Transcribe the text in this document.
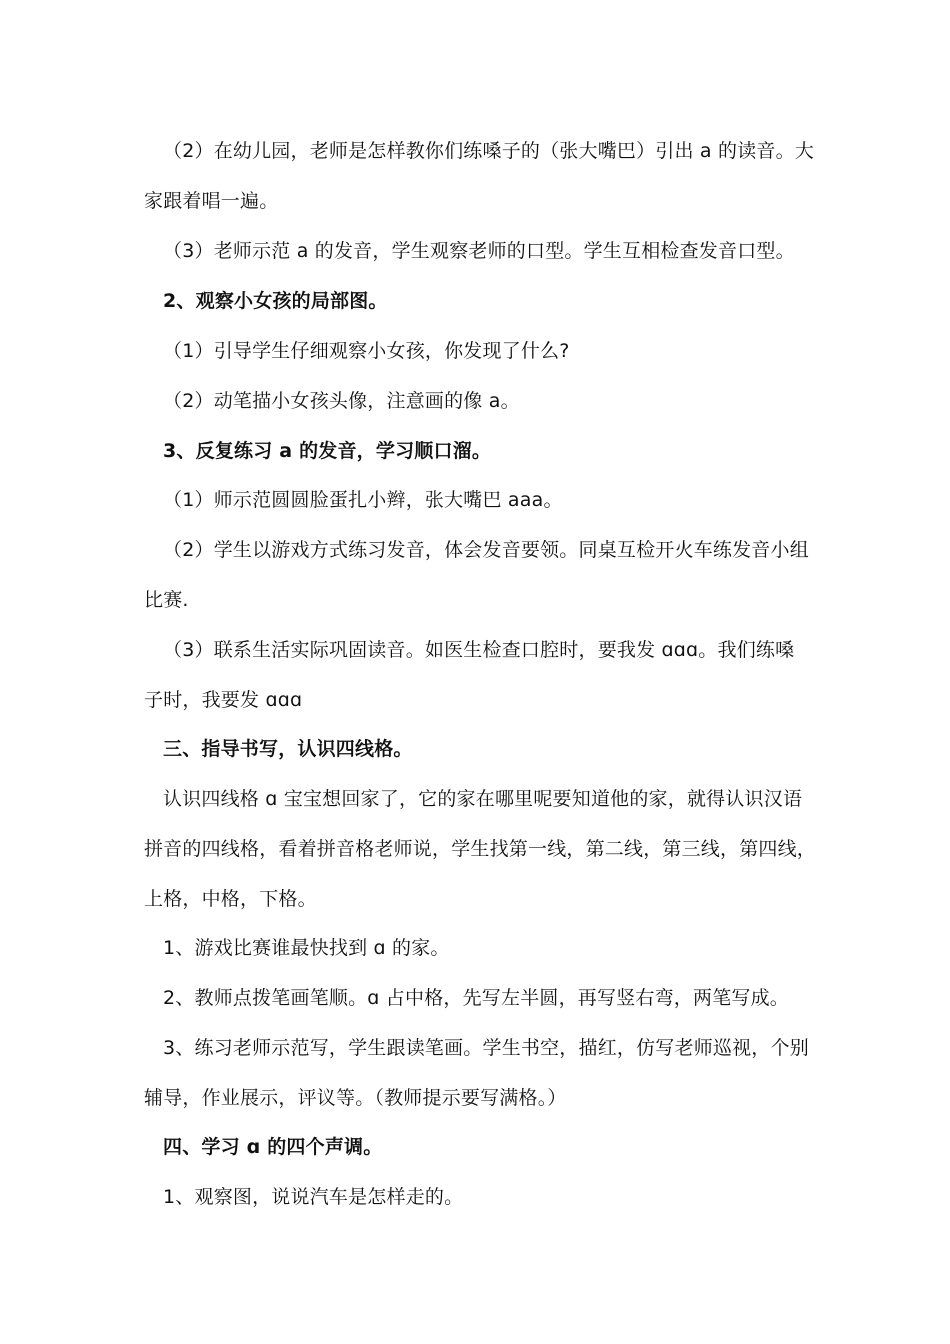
（2）在幼儿园，老师是怎样教你们练嗓子的（张大嘴巴）引出 a 的读音。大
家跟着唱一遍。
（3）老师示范 a 的发音，学生观察老师的口型。学生互相检查发音口型。
2、观察小女孩的局部图。
（1）引导学生仔细观察小女孩，你发现了什么?
（2）动笔描小女孩头像，注意画的像 a。
3、反复练习 a 的发音，学习顺口溜。
（1）师示范圆圆脸蛋扎小辫，张大嘴巴 aaa。
（2）学生以游戏方式练习发音，体会发音要领。同桌互检开火车练发音小组
比赛.
（3）联系生活实际巩固读音。如医生检查口腔时，要我发 ɑɑɑ。我们练嗓
子时，我要发 ɑɑɑ
三、指导书写，认识四线格。
认识四线格 ɑ 宝宝想回家了，它的家在哪里呢要知道他的家，就得认识汉语
拼音的四线格，看着拼音格老师说，学生找第一线，第二线，第三线，第四线，
上格，中格，下格。
1、游戏比赛谁最快找到 ɑ 的家。
2、教师点拨笔画笔顺。ɑ 占中格，先写左半圆，再写竖右弯，两笔写成。
3、练习老师示范写，学生跟读笔画。学生书空，描红，仿写老师巡视，个别
辅导，作业展示，评议等。（教师提示要写满格。）
四、学习 ɑ 的四个声调。
1、观察图，说说汽车是怎样走的。
